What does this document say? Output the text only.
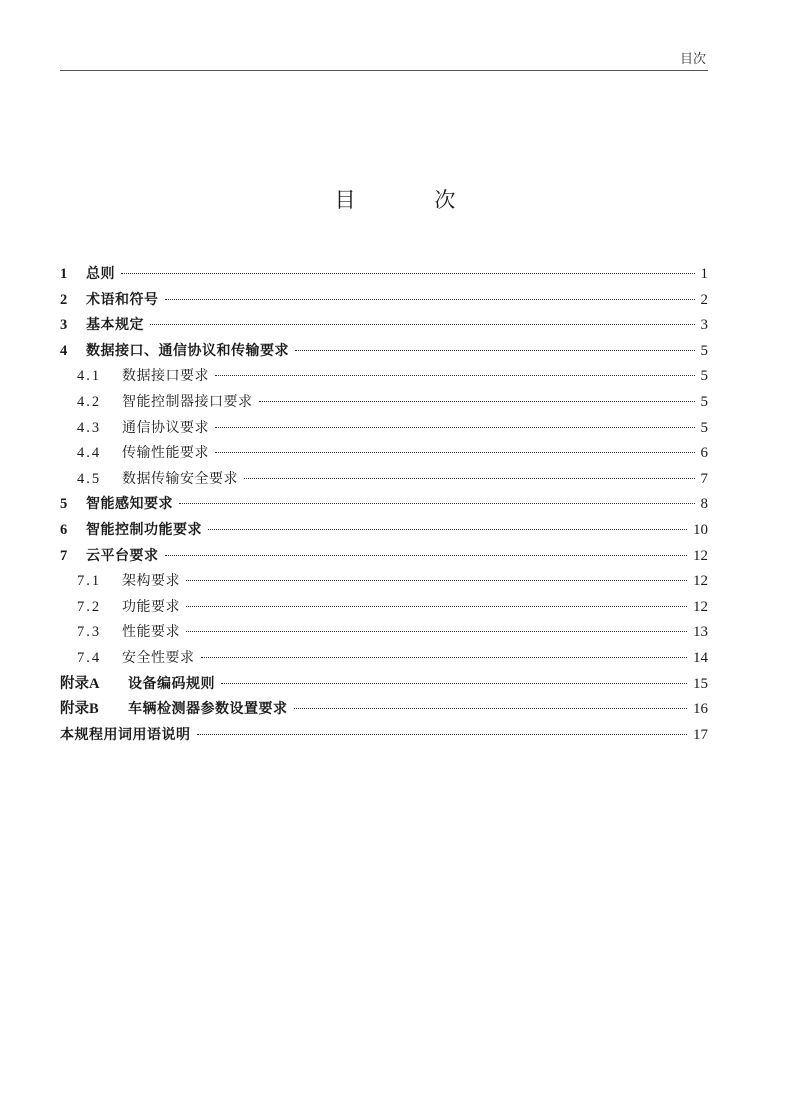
目次
目 次
1	总则	1
2	术语和符号	2
3	基本规定	3
4	数据接口、通信协议和传输要求	5
4.1	数据接口要求	5
4.2	智能控制器接口要求	5
4.3	通信协议要求	5
4.4	传输性能要求	6
4.5	数据传输安全要求	7
5	智能感知要求	8
6	智能控制功能要求	10
7	云平台要求	12
7.1	架构要求	12
7.2	功能要求	12
7.3	性能要求	13
7.4	安全性要求	14
附录A	设备编码规则	15
附录B	车辆检测器参数设置要求	16
本规程用词用语说明	17
